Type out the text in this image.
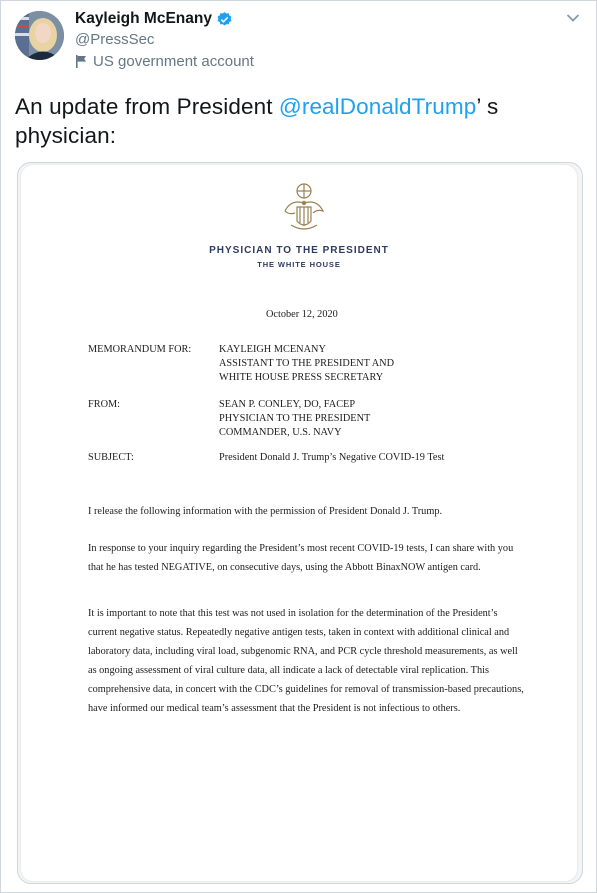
Kayleigh McEnany
@PressSec
US government account
An update from President @realDonaldTrump’ s physician:
PHYSICIAN TO THE PRESIDENT
THE WHITE HOUSE
October 12, 2020
MEMORANDUM FOR:	KAYLEIGH MCENANY
ASSISTANT TO THE PRESIDENT AND
WHITE HOUSE PRESS SECRETARY
FROM:	SEAN P. CONLEY, DO, FACEP
PHYSICIAN TO THE PRESIDENT
COMMANDER, U.S. NAVY
SUBJECT:	President Donald J. Trump’s Negative COVID-19 Test
I release the following information with the permission of President Donald J. Trump.
In response to your inquiry regarding the President’s most recent COVID-19 tests, I can share with you that he has tested NEGATIVE, on consecutive days, using the Abbott BinaxNOW antigen card.
It is important to note that this test was not used in isolation for the determination of the President’s current negative status. Repeatedly negative antigen tests, taken in context with additional clinical and laboratory data, including viral load, subgenomic RNA, and PCR cycle threshold measurements, as well as ongoing assessment of viral culture data, all indicate a lack of detectable viral replication. This comprehensive data, in concert with the CDC’s guidelines for removal of transmission-based precautions, have informed our medical team’s assessment that the President is not infectious to others.
